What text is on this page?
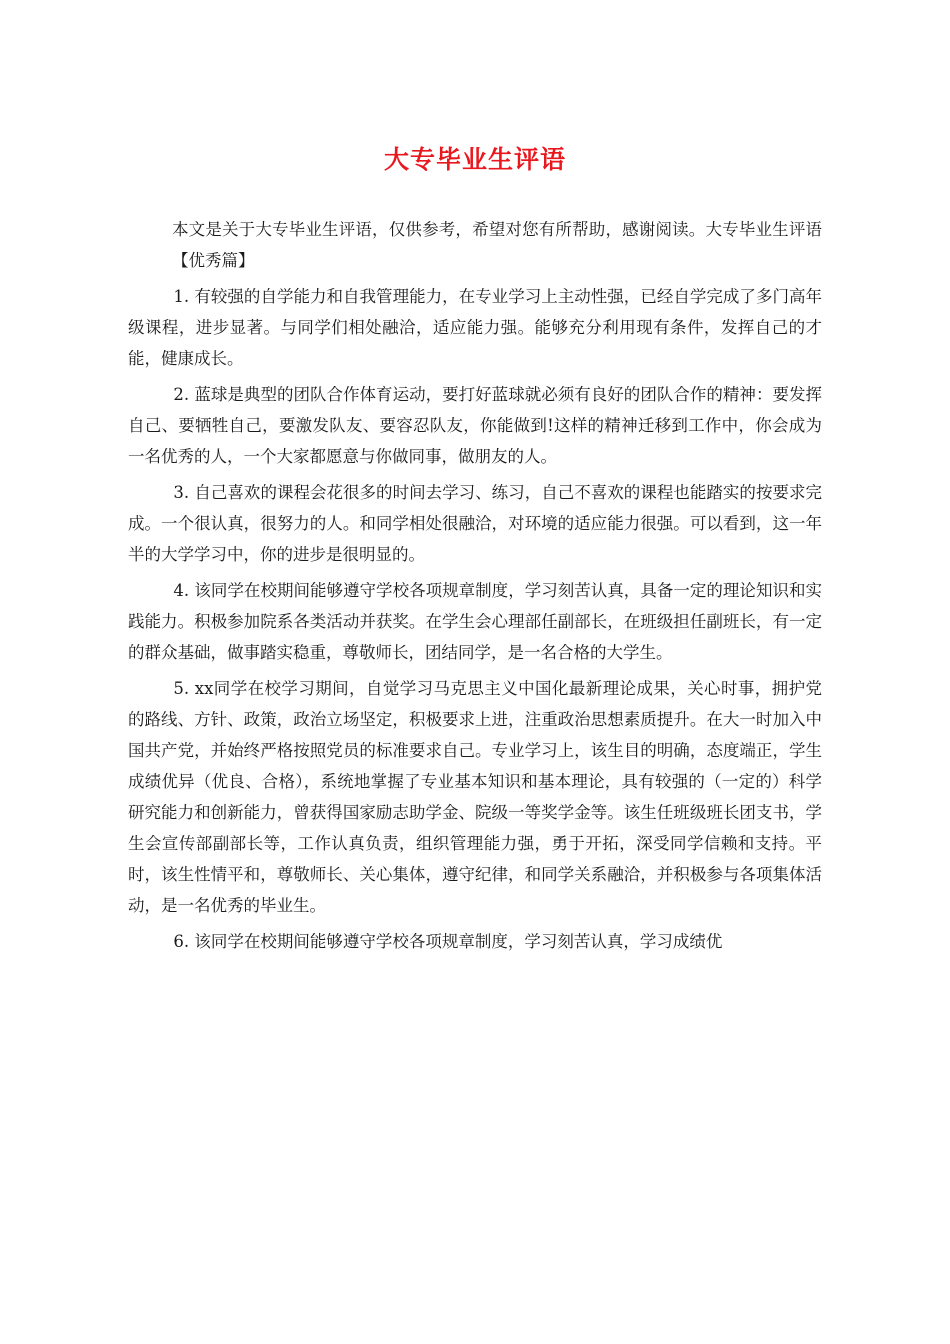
大专毕业生评语

本文是关于大专毕业生评语，仅供参考，希望对您有所帮助，感谢阅读。大专毕业生评语【优秀篇】

1. 有较强的自学能力和自我管理能力，在专业学习上主动性强，已经自学完成了多门高年级课程，进步显著。与同学们相处融洽，适应能力强。能够充分利用现有条件，发挥自己的才能，健康成长。

2. 蓝球是典型的团队合作体育运动，要打好蓝球就必须有良好的团队合作的精神：要发挥自己、要牺牲自己，要激发队友、要容忍队友，你能做到!这样的精神迁移到工作中，你会成为一名优秀的人，一个大家都愿意与你做同事，做朋友的人。

3. 自己喜欢的课程会花很多的时间去学习、练习，自己不喜欢的课程也能踏实的按要求完成。一个很认真，很努力的人。和同学相处很融洽，对环境的适应能力很强。可以看到，这一年半的大学学习中，你的进步是很明显的。

4. 该同学在校期间能够遵守学校各项规章制度，学习刻苦认真，具备一定的理论知识和实践能力。积极参加院系各类活动并获奖。在学生会心理部任副部长，在班级担任副班长，有一定的群众基础，做事踏实稳重，尊敬师长，团结同学，是一名合格的大学生。

5. xx同学在校学习期间，自觉学习马克思主义中国化最新理论成果，关心时事，拥护党的路线、方针、政策，政治立场坚定，积极要求上进，注重政治思想素质提升。在大一时加入中国共产党，并始终严格按照党员的标准要求自己。专业学习上，该生目的明确，态度端正，学生成绩优异（优良、合格），系统地掌握了专业基本知识和基本理论，具有较强的（一定的）科学研究能力和创新能力，曾获得国家励志助学金、院级一等奖学金等。该生任班级班长团支书，学生会宣传部副部长等，工作认真负责，组织管理能力强，勇于开拓，深受同学信赖和支持。平时，该生性情平和，尊敬师长、关心集体，遵守纪律，和同学关系融洽，并积极参与各项集体活动，是一名优秀的毕业生。

6. 该同学在校期间能够遵守学校各项规章制度，学习刻苦认真，学习成绩优
